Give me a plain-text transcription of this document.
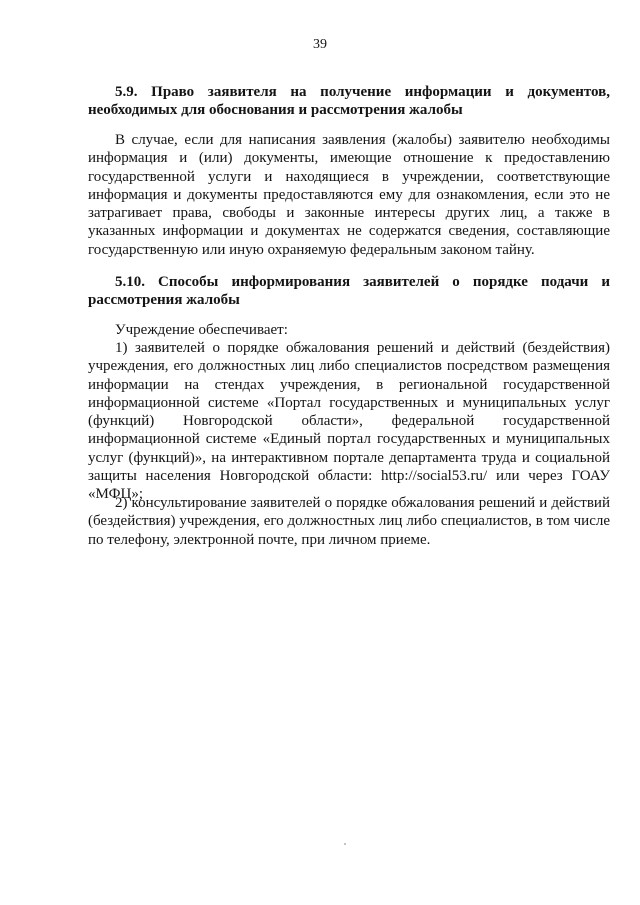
39
5.9. Право заявителя на получение информации и документов, необходимых для обоснования и рассмотрения жалобы

В случае, если для написания заявления (жалобы) заявителю необходимы информация и (или) документы, имеющие отношение к предоставлению государственной услуги и находящиеся в учреждении, соответствующие информация и документы предоставляются ему для ознакомления, если это не затрагивает права, свободы и законные интересы других лиц, а также в указанных информации и документах не содержатся сведения, составляющие государственную или иную охраняемую федеральным законом тайну.

5.10. Способы информирования заявителей о порядке подачи и рассмотрения жалобы

Учреждение обеспечивает:

1) заявителей о порядке обжалования решений и действий (бездействия) учреждения, его должностных лиц либо специалистов посредством размещения информации на стендах учреждения, в региональной государственной информационной системе «Портал государственных и муниципальных услуг (функций) Новгородской области», федеральной государственной информационной системе «Единый портал государственных и муниципальных услуг (функций)», на интерактивном портале департамента труда и социальной защиты населения Новгородской области: http://social53.ru/ или через ГОАУ «МФЦ»;

2) консультирование заявителей о порядке обжалования решений и действий (бездействия) учреждения, его должностных лиц либо специалистов, в том числе по телефону, электронной почте, при личном приеме.
